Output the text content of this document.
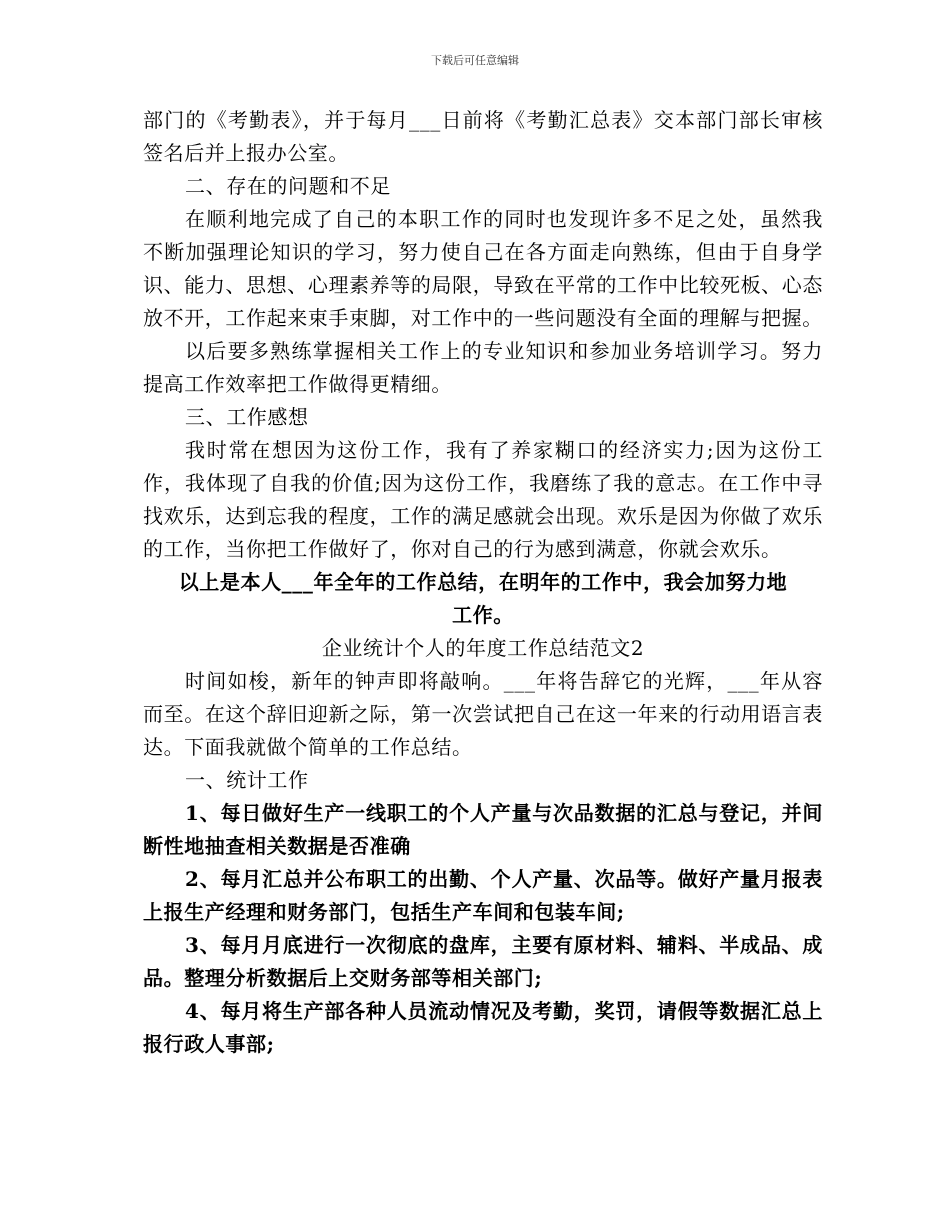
下载后可任意编辑

部门的《考勤表》，并于每月___日前将《考勤汇总表》交本部门部长审核签名后并上报办公室。

二、存在的问题和不足

在顺利地完成了自己的本职工作的同时也发现许多不足之处，虽然我不断加强理论知识的学习，努力使自己在各方面走向熟练，但由于自身学识、能力、思想、心理素养等的局限，导致在平常的工作中比较死板、心态放不开，工作起来束手束脚，对工作中的一些问题没有全面的理解与把握。

以后要多熟练掌握相关工作上的专业知识和参加业务培训学习。努力提高工作效率把工作做得更精细。

三、工作感想

我时常在想因为这份工作，我有了养家糊口的经济实力;因为这份工作，我体现了自我的价值;因为这份工作，我磨练了我的意志。在工作中寻找欢乐，达到忘我的程度，工作的满足感就会出现。欢乐是因为你做了欢乐的工作，当你把工作做好了，你对自己的行为感到满意，你就会欢乐。

以上是本人___年全年的工作总结，在明年的工作中，我会加努力地工作。

企业统计个人的年度工作总结范文2

时间如梭，新年的钟声即将敲响。___年将告辞它的光辉，___年从容而至。在这个辞旧迎新之际，第一次尝试把自己在这一年来的行动用语言表达。下面我就做个简单的工作总结。

一、统计工作

1、每日做好生产一线职工的个人产量与次品数据的汇总与登记，并间断性地抽查相关数据是否准确

2、每月汇总并公布职工的出勤、个人产量、次品等。做好产量月报表上报生产经理和财务部门，包括生产车间和包装车间;

3、每月月底进行一次彻底的盘库，主要有原材料、辅料、半成品、成品。整理分析数据后上交财务部等相关部门;

4、每月将生产部各种人员流动情况及考勤，奖罚，请假等数据汇总上报行政人事部;
